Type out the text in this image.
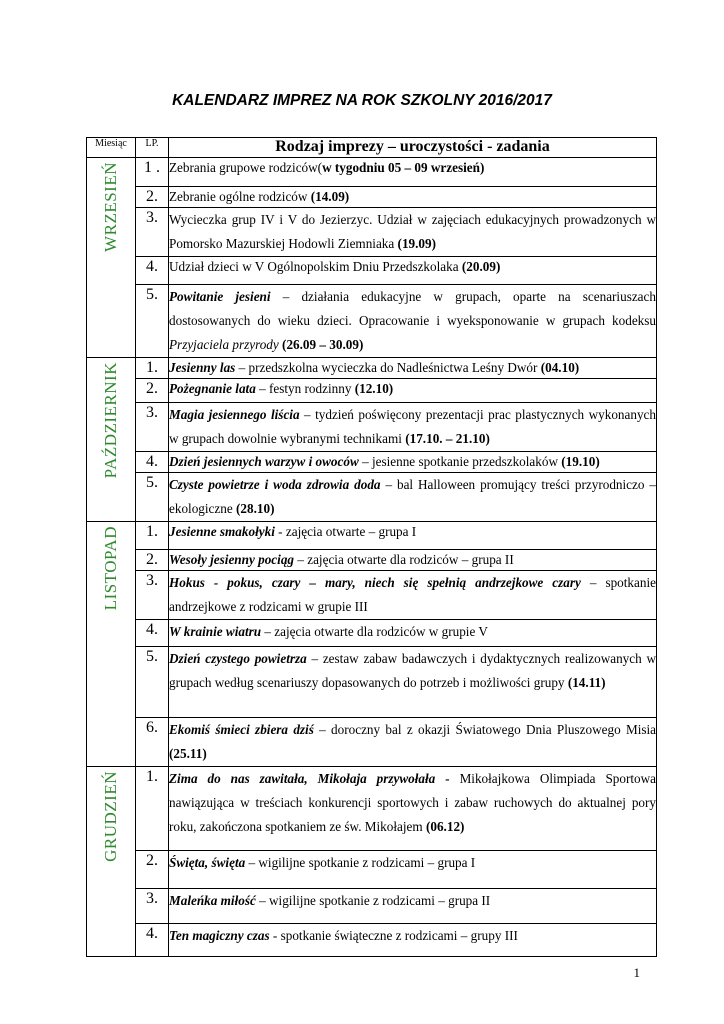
KALENDARZ IMPREZ NA ROK SZKOLNY 2016/2017
Miesiąc	LP.	Rodzaj imprezy – uroczystości - zadania

WRZESIEŃ	1 .	Zebrania grupowe rodziców(w tygodniu 05 – 09 wrzesień)
	2.	Zebranie ogólne rodziców (14.09)
	3.	Wycieczka grup IV i V do Jezierzyc. Udział w zajęciach edukacyjnych prowadzonych w Pomorsko Mazurskiej Hodowli Ziemniaka (19.09)
	4.	Udział dzieci w V Ogólnopolskim Dniu Przedszkolaka (20.09)
	5.	Powitanie jesieni – działania edukacyjne w grupach, oparte na scenariuszach dostosowanych do wieku dzieci. Opracowanie i wyeksponowanie w grupach kodeksu Przyjaciela przyrody (26.09 – 30.09)

PAŹDZIERNIK	1.	Jesienny las – przedszkolna wycieczka do Nadleśnictwa Leśny Dwór (04.10)
	2.	Pożegnanie lata – festyn rodzinny (12.10)
	3.	Magia jesiennego liścia – tydzień poświęcony prezentacji prac plastycznych wykonanych w grupach dowolnie wybranymi technikami (17.10. – 21.10)
	4.	Dzień jesiennych warzyw i owoców – jesienne spotkanie przedszkolaków (19.10)
	5.	Czyste powietrze i woda zdrowia doda – bal Halloween promujący treści przyrodniczo – ekologiczne (28.10)

LISTOPAD	1.	Jesienne smakołyki - zajęcia otwarte – grupa I
	2.	Wesoły jesienny pociąg – zajęcia otwarte dla rodziców – grupa II
	3.	Hokus - pokus, czary – mary, niech się spełnią andrzejkowe czary – spotkanie andrzejkowe z rodzicami w grupie III
	4.	W krainie wiatru – zajęcia otwarte dla rodziców w grupie V
	5.	Dzień czystego powietrza – zestaw zabaw badawczych i dydaktycznych realizowanych w grupach według scenariuszy dopasowanych do potrzeb i możliwości grupy (14.11)
	6.	Ekomiś śmieci zbiera dziś – doroczny bal z okazji Światowego Dnia Pluszowego Misia (25.11)

GRUDZIEŃ	1.	Zima do nas zawitała, Mikołaja przywołała - Mikołajkowa Olimpiada Sportowa nawiązująca w treściach konkurencji sportowych i zabaw ruchowych do aktualnej pory roku, zakończona spotkaniem ze św. Mikołajem (06.12)
	2.	Święta, święta – wigilijne spotkanie z rodzicami – grupa I
	3.	Maleńka miłość – wigilijne spotkanie z rodzicami – grupa II
	4.	Ten magiczny czas - spotkanie świąteczne z rodzicami – grupy III
1
